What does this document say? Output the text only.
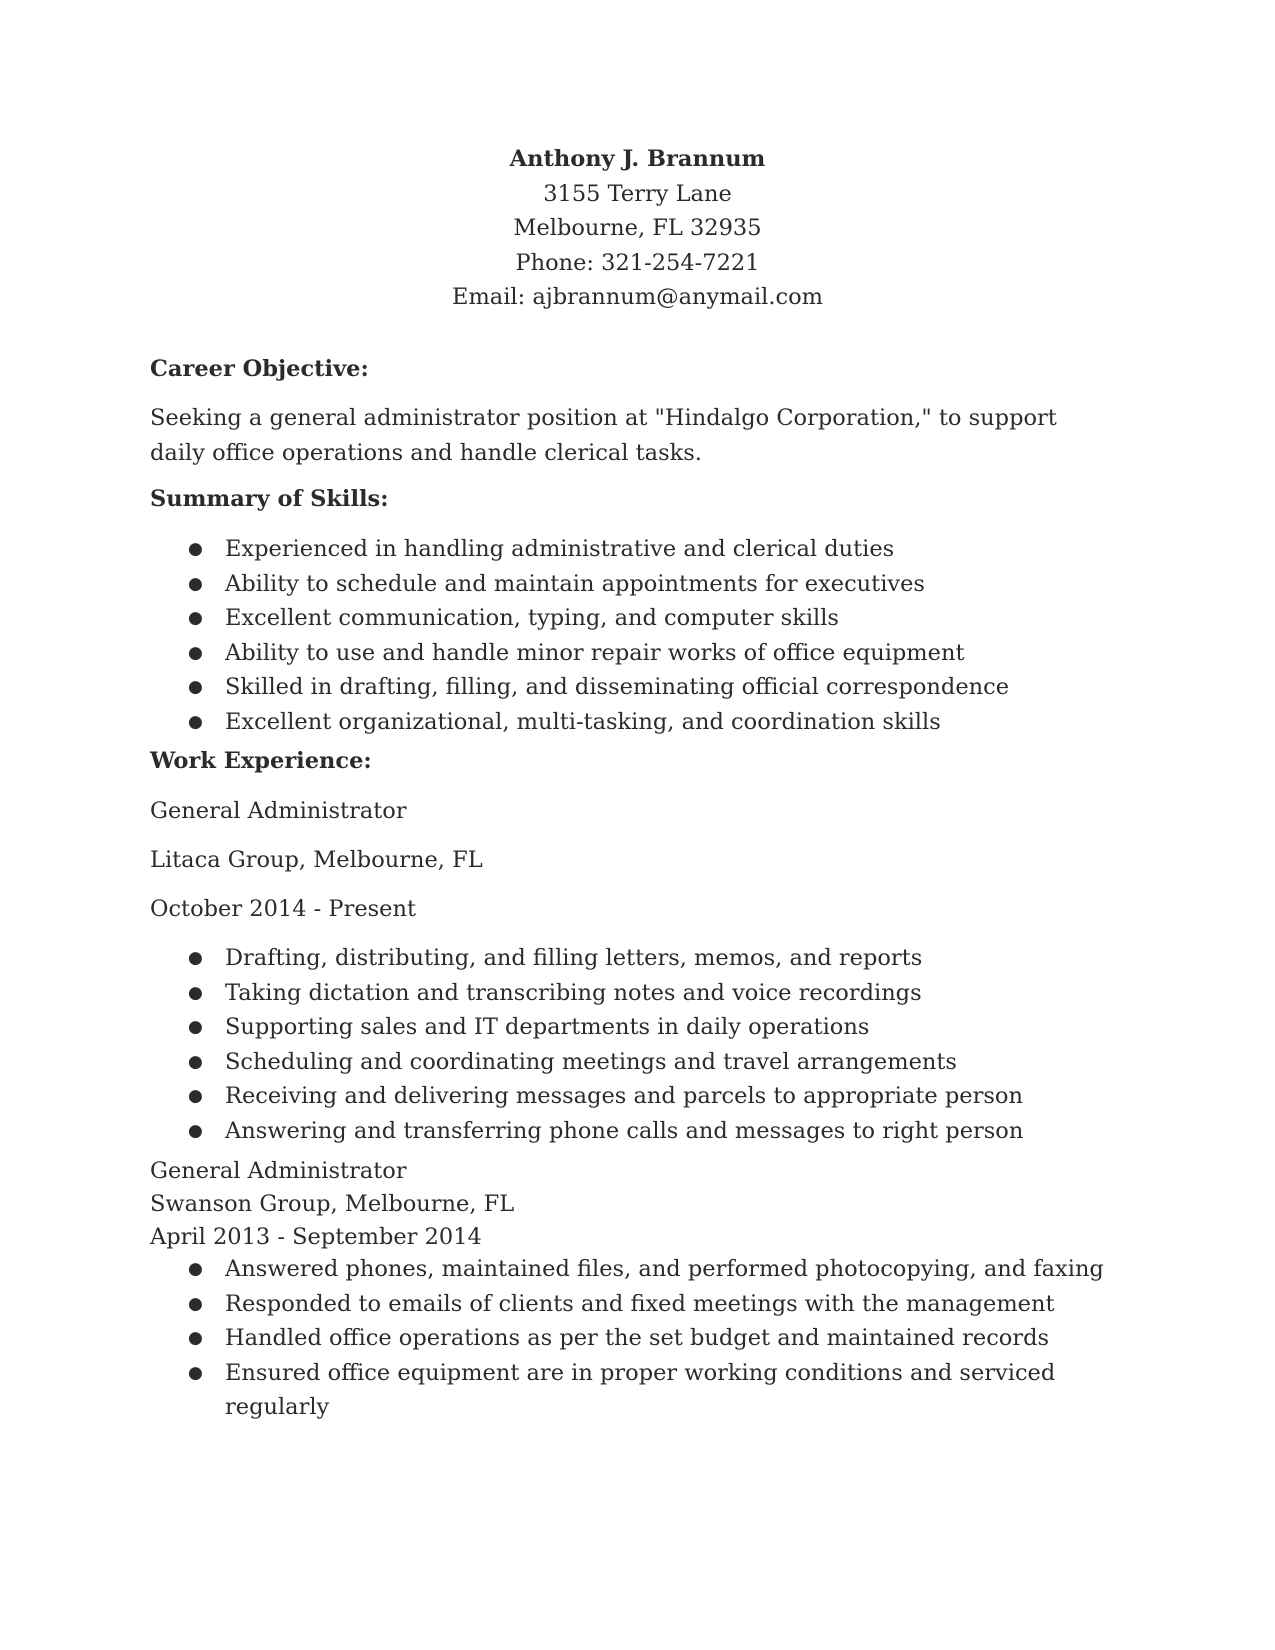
Anthony J. Brannum
3155 Terry Lane
Melbourne, FL 32935
Phone: 321-254-7221
Email: ajbrannum@anymail.com
Career Objective:
Seeking a general administrator position at "Hindalgo Corporation," to support daily office operations and handle clerical tasks.
Summary of Skills:
● Experienced in handling administrative and clerical duties
● Ability to schedule and maintain appointments for executives
● Excellent communication, typing, and computer skills
● Ability to use and handle minor repair works of office equipment
● Skilled in drafting, filling, and disseminating official correspondence
● Excellent organizational, multi-tasking, and coordination skills
Work Experience:
General Administrator
Litaca Group, Melbourne, FL
October 2014 - Present
● Drafting, distributing, and filling letters, memos, and reports
● Taking dictation and transcribing notes and voice recordings
● Supporting sales and IT departments in daily operations
● Scheduling and coordinating meetings and travel arrangements
● Receiving and delivering messages and parcels to appropriate person
● Answering and transferring phone calls and messages to right person
General Administrator
Swanson Group, Melbourne, FL
April 2013 - September 2014
● Answered phones, maintained files, and performed photocopying, and faxing
● Responded to emails of clients and fixed meetings with the management
● Handled office operations as per the set budget and maintained records
● Ensured office equipment are in proper working conditions and serviced regularly
